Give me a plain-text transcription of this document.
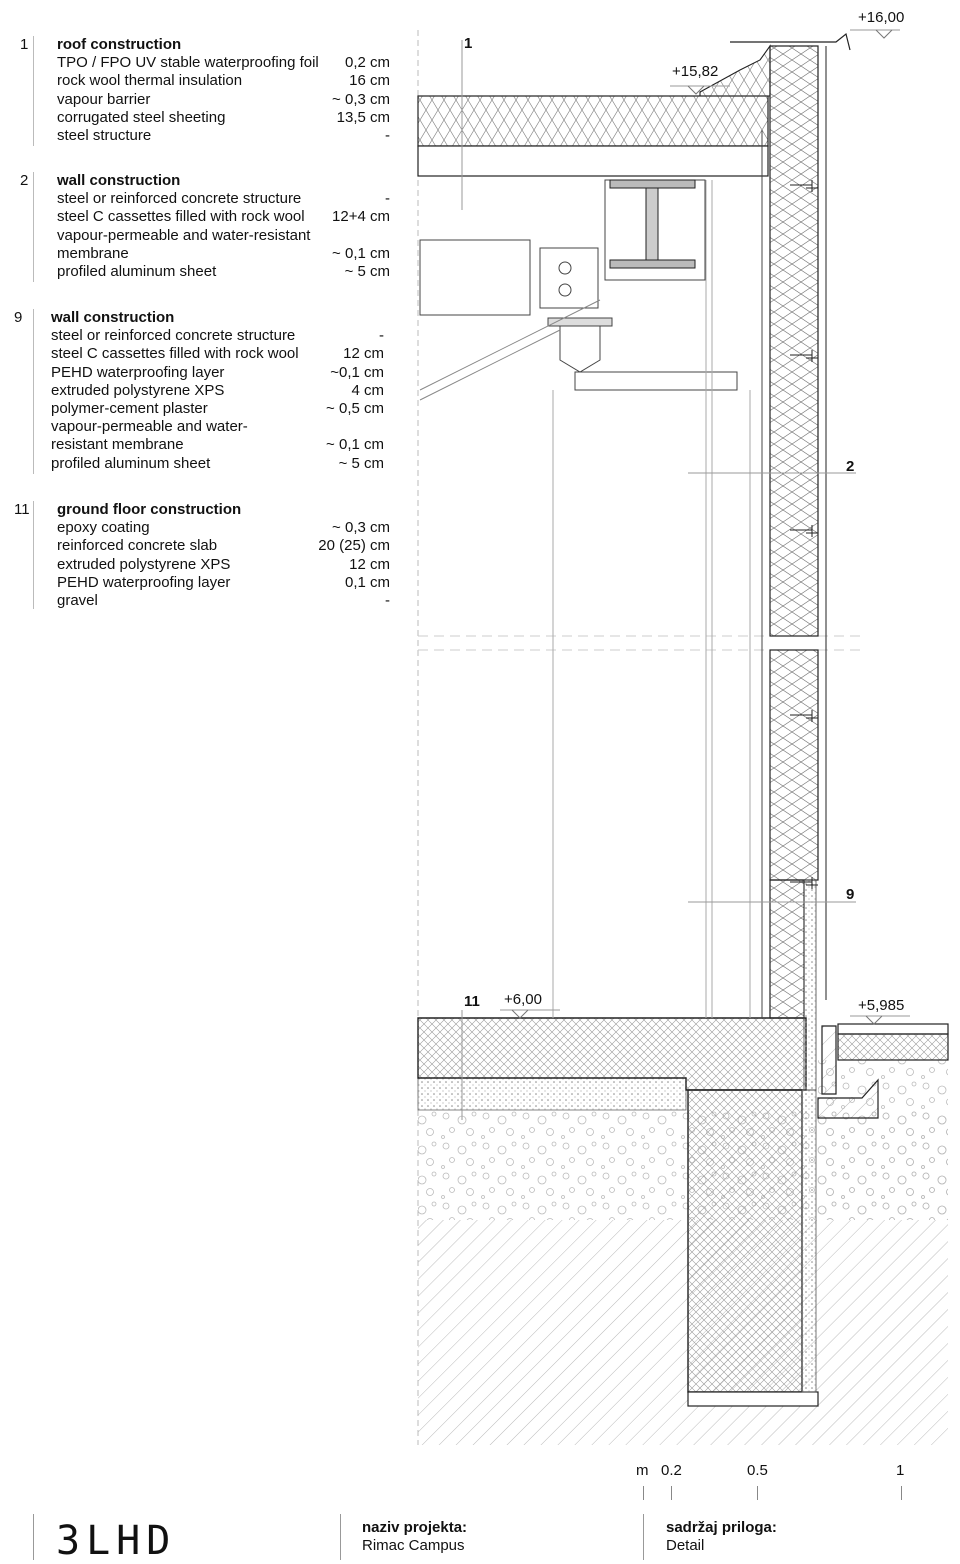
1 roof construction
TPO / FPO UV stable waterproofing foil 0,2 cm
rock wool thermal insulation	16 cm
vapour barrier	~ 0,3 cm
corrugated steel sheeting	13,5 cm
steel structure	-
2 wall construction
steel or reinforced concrete structure	-
steel C cassettes filled with rock wool 12+4 cm
vapour-permeable and water-resistant
membrane	~ 0,1 cm
profiled aluminum sheet	~ 5 cm
9 wall construction
steel or reinforced concrete structure	-
steel C cassettes filled with rock wool	12 cm
PEHD waterproofing layer	~0,1 cm
extruded polystyrene XPS	4 cm
polymer-cement plaster	~ 0,5 cm
vapour-permeable and water-
resistant membrane	~ 0,1 cm
profiled aluminum sheet	~ 5 cm
11 ground floor construction
epoxy coating	~ 0,3 cm
reinforced concrete slab	20 (25) cm
extruded polystyrene XPS	12 cm
PEHD waterproofing layer	0,1 cm
gravel	-
1
2
9
11
+16,00
+15,82
+6,00	+5,985
m 0.2	0.5	1
3LHD	naziv projekta:
Rimac Campus
sadržaj priloga:
Detail
